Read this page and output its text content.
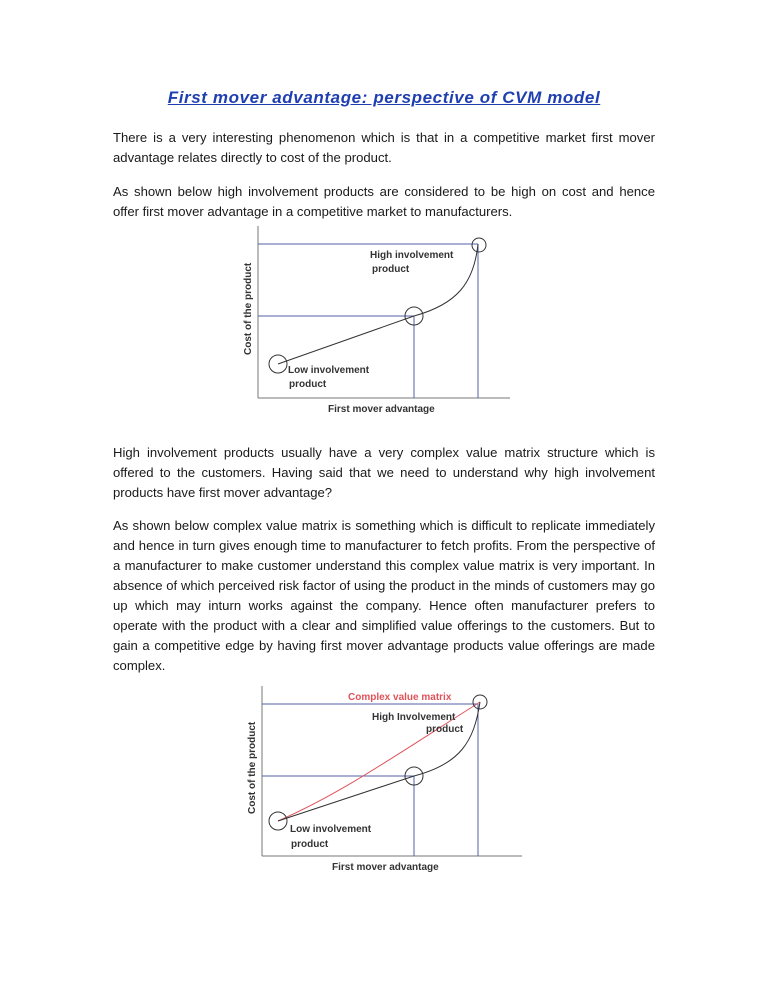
First mover advantage: perspective of CVM model

There is a very interesting phenomenon which is that in a competitive market first mover advantage relates directly to cost of the product.

As shown below high involvement products are considered to be high on cost and hence offer first mover advantage in a competitive market to manufacturers.

High involvement
product
Low involvement
product
First mover advantage
Cost of the product

High involvement products usually have a very complex value matrix structure which is offered to the customers. Having said that we need to understand why high involvement products have first mover advantage?

As shown below complex value matrix is something which is difficult to replicate immediately and hence in turn gives enough time to manufacturer to fetch profits. From the perspective of a manufacturer to make customer understand this complex value matrix is very important. In absence of which perceived risk factor of using the product in the minds of customers may go up which may inturn works against the company. Hence often manufacturer prefers to operate with the product with a clear and simplified value offerings to the customers. But to gain a competitive edge by having first mover advantage products value offerings are made complex.

Complex value matrix
High Involvement
product
Low involvement
product
First mover advantage
Cost of the product
